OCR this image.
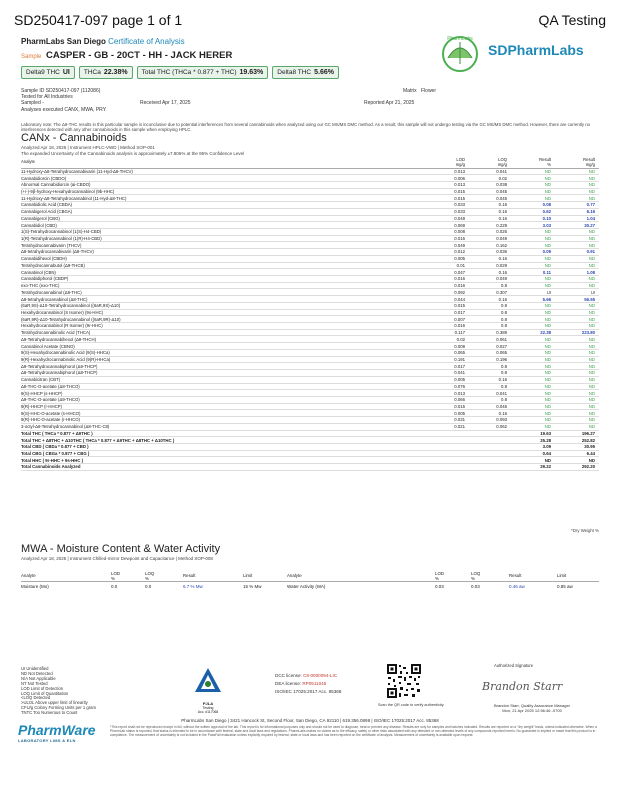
SD250417-097 page 1 of 1	QA Testing
PharmLabs San Diego Certificate of Analysis
Sample CASPER - GB - 20CT - HH - JACK HERER
Delta9 THC UI	THCa 22.38%	Total THC (THCa * 0.877 + THC) 19.63%	Delta8 THC 5.66%
PharmLabs
SDPharmLabs
Sample ID SD250417-097 (112086)	Matrix Flower
Tested for All Industries
Sampled -	Received Apr 17, 2025	Reported Apr 21, 2025
Analyses executed CANX, MWA, PRY
Laboratory note: The Δ9-THC results in this particular sample is inconclusive due to potential interferences from several cannabinoids when analyzed using our GC MS/MS DMC method. As a result, this sample will not undergo testing via the GC MS/MS DMC method. However, there are currently no interferences detected with any other cannabinoids in this sample when employing HPLC.
CANx - Cannabinoids
Analyzed Apr 18, 2025 | Instrument HPLC-VWD | Method SOP-001
The expanded Uncertainty of the Cannabinoids analysis is approximately ±7.806% at the 95% Confidence Level
Analyte	LOD
mg/g	LOQ
mg/g	Result
%	Result
mg/g
11-Hydroxy-Δ8-Tetrahydrocannabivarin (11-Hyd-Δ8-THCV)	0.013	0.041	ND	ND
Cannabidiorcin (CBDO)	0.006	0.02	ND	ND
Abnormal Cannabidiorcin (ai-CBDO)	0.013	0.038	ND	ND
(+/-)-9β-hydroxy-Hexahydrocannabinol (9b-HHC)	0.015	0.045	ND	ND
11-Hydroxy-Δ8-Tetrahydrocannabinol (11-Hyd-Δ8-THC)	0.015	0.045	ND	ND
Cannabidiolic Acid (CBDA)	0.033	0.16	0.08	0.77
Cannabigerol Acid (CBGA)	0.033	0.16	0.62	6.16
Cannabigerol (CBG)	0.048	0.16	0.10	1.04
Cannabidiol (CBD)	0.069	0.229	3.03	30.27
1(S)-Tetrahydrocannabinol (1(S)-H4-CBD)	0.008	0.026	ND	ND
1(R)-Tetrahydrocannabinol (1(R)-H4-CBD)	0.016	0.049	ND	ND
Tetrahydrocannabivarin (THCV)	0.049	0.162	ND	ND
Δ8-tetrahydrocannabivarin (Δ8-THCV)	0.012	0.036	0.09	0.91
Cannabidihexol (CBDH)	0.005	0.16	ND	ND
Tetrahydrocannabutol (Δ9-THCB)	0.01	0.029	ND	ND
Cannabinol (CBN)	0.047	0.16	0.11	1.08
Cannabidiphorol (CBDP)	0.016	0.049	ND	ND
exo-THC (exo-THC)	0.016	0.8	ND	ND
Tetrahydrocannabinol (Δ9-THC)	0.092	0.307	UI	UI
Δ8-tetrahydrocannabinol (Δ8-THC)	0.044	0.16	5.66	56.55
(6aR,9S)-Δ10-Tetrahydrocannabinol ((6aR,9S)-Δ10)	0.015	0.8	ND	ND
Hexahydrocannabinol (S Isomer) (9s-HHC)	0.017	0.8	ND	ND
(6aR,9R)-Δ10-Tetrahydrocannabinol ((6aR,9R)-Δ10)	0.007	0.8	ND	ND
Hexahydrocannabinol (R Isomer) (9r-HHC)	0.016	0.8	ND	ND
Tetrahydrocannabinolic Acid (THCA)	0.117	0.389	22.38	223.80
Δ9-Tetrahydrocannabihexol (Δ9-THCH)	0.02	0.061	ND	ND
Cannabinol Acetate (CBNO)	0.009	0.027	ND	ND
9(S)-Hexahydrocannabinolic Acid (9(S)-HHCa)	0.065	0.065	ND	ND
9(R)-Hexahydrocannabinolic Acid (9(R)-HHCa)	0.191	0.196	ND	ND
Δ9-Tetrahydrocannabiphorol (Δ9-THCP)	0.017	0.8	ND	ND
Δ8-Tetrahydrocannabiphorol (Δ8-THCP)	0.041	0.8	ND	ND
Cannabicitran (CBT)	0.005	0.16	ND	ND
Δ8-THC-O-acetate (Δ8-THCO)	0.076	0.8	ND	ND
9(S)-HHCP (s-HHCP)	0.013	0.041	ND	ND
Δ9-THC-O-acetate (Δ9-THCO)	0.066	0.8	ND	ND
9(R)-HHCP (r-HHCP)	0.015	0.045	ND	ND
9(S)-HHC-O-acetate (s-HHCO)	0.005	0.16	ND	ND
9(R)-HHC-O-acetate (r-HHCO)	0.031	0.093	ND	ND
3-octyl-Δ8-Tetrahydrocannabinol (Δ8-THC-C8)	0.021	0.062	ND	ND
Total THC ( THCa * 0.877 + Δ9THC )			19.63	196.27
Total THC + Δ8THC + Δ10THC ( THCa * 0.877 + Δ9THC + Δ8THC + Δ10THC )			25.28	252.82
Total CBD ( CBDa * 0.877 + CBD )			3.09	30.95
Total CBG ( CBGa * 0.877 + CBG )			0.64	6.44
Total HHC ( 9r-HHC + 9s-HHC )			ND	ND
Total Cannabinoids Analyzed			29.22	292.20
*Dry Weight %
MWA - Moisture Content & Water Activity
Analyzed Apr 18, 2025 | Instrument Chilled-mirror Dewpoint and Capacitance | Method SOP-008
Analyte	LOD
%	LOQ
%	Result	Limit	Analyte	LOD
%	LOQ
%	Result	Limit
Moisture (Mo)	0.0	0.0	6.7 % Mw	15 % Mw	Water Activity (WA)	0.03	0.03	0.46 aw	0.85 aw
UI Unidentified
ND Not Detected
N/A Not Applicable
NT Not Tested
LOD Limit of Detection
LOQ Limit of Quantitation
<LOQ Detected
>ULOL Above upper limit of linearity
CFU/g Colony Forming Units per 1 gram
TNTC Too Numerous to Count
PJLA
Testing
Acc. #117068
DCC license: C8-0000094-LIC
DEA license: RP0511045
ISO/IEC 17025:2017 Acc. 85368
Scan the QR code to verify authenticity
Authorized Signature
Brandon Starr
Brandon Starr, Quality Assurance Manager
Mon, 21 Apr 2025 12:56:46 -0700
PharmLabs San Diego | 3421 Hancock St, Second Floor, San Diego, CA 92110 | 619.356.0898 | ISO/IEC 17025:2017 Acc. 85368
PharmWare
LABORATORY LIMS & ELN
*This report shall not be reproduced except in full, without the written approval of the lab. This report is for informational purposes only and should not be used to diagnose, treat or prevent any disease. Results are only for samples and batches indicated. Results are reported on a "dry weight" basis, unless indicated otherwise. When a PharmLab status is reported, that status is intended to be in accordance with federal, state and local laws and regulations. PharmLabs makes no claims as to the efficacy, safety or other risks associated with any detected or non-detected levels of any compounds reported herein. No guarantee is implied or made that this product is in compliance. The measurement of uncertainty is not included in the PassFail evaluation unless explicitly required by federal, state or local laws and has been reported on the certificate of analysis. Measurement of uncertainty is available upon request.
